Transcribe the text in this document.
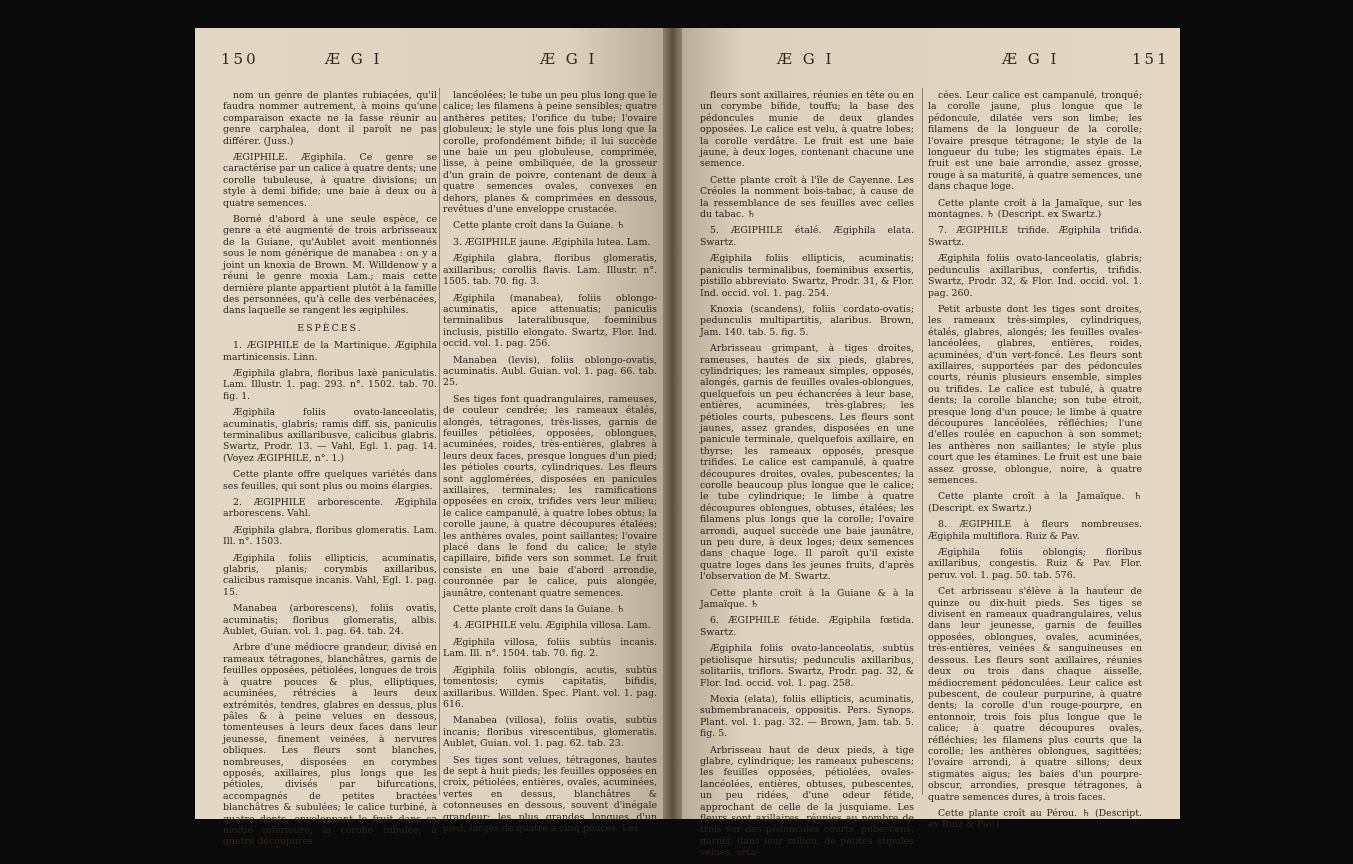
150	Æ G I	Æ G I

nom un genre de plantes rubiacées, qu'il faudra nommer autrement, à moins qu'une comparaison exacte ne la fasse réunir au genre carphalea, dont il paroît ne pas différer. (Juss.)

ÆGIPHILE. Ægiphila. Ce genre se caractérise par un calice à quatre dents; une corolle tubuleuse, à quatre divisions; un style à demi bifide; une baie à deux ou à quatre semences.

Borné d'abord à une seule espèce, ce genre a été augmenté de trois arbrisseaux de la Guiane, qu'Aublet avoit mentionnés sous le nom générique de manabea : on y a joint un knoxia de Brown. M. Willdenow y a réuni le genre moxia Lam.; mais cette dernière plante appartient plutôt à la famille des personnées, qu'à celle des verbénacées, dans laquelle se rangent les ægiphiles.

ESPÈCES.

1. ÆGIPHILE de la Martinique. Ægiphila martinicensis. Linn.

Ægiphila glabra, floribus laxè paniculatis. Lam. Illustr. 1. pag. 293. n°. 1502. tab. 70. fig. 1.

Ægiphila foliis ovato-lanceolatis, acuminatis, glabris; ramis diff. sis, paniculis terminalibus axillaribusve, calicibus glabris. Swartz, Prodr. 13. — Vahl, Egl. 1. pag. 14. (Voyez ÆGIPHILE, n°. 1.)

Cette plante offre quelques variétés dans ses feuilles, qui sont plus ou moins élargies.

2. ÆGIPHILE arborescente. Ægiphila arborescens. Vahl.

Ægiphila glabra, floribus glomeratis. Lam. Ill. n°. 1503.

Ægiphila foliis ellipticis, acuminatis, glabris, planis; corymbis axillaribus, calicibus ramisque incanis. Vahl, Egl. 1. pag. 15.

Manabea (arborescens), foliis ovatis, acuminatis; floribus glomeratis, albis. Aublet, Guian. vol. 1. pag. 64. tab. 24.

Arbre d'une médiocre grandeur, divisé en rameaux tétragones, blanchâtres, garnis de feuilles opposées, pétiolées, longues de trois à quatre pouces & plus, elliptiques, acuminées, rétrécies à leurs deux extrémités, tendres, glabres en dessus, plus pâles & à peine velues en dessous, tomenteuses à leurs deux faces dans leur jeunesse, finement veinées, à nervures obliques. Les fleurs sont blanches, nombreuses, disposées en corymbes opposés, axillaires, plus longs que les pétioles, divisés par bifurcations, accompagnés de petites bractées blanchâtres & subulées; le calice turbiné, à quatre dents, enveloppant le fruit dans sa moitié inférieure; la corolle tubulée, à quatre découpures

lancéolées; le tube un peu plus long que le calice; les filamens à peine sensibles; quatre anthères petites; l'orifice du tube; l'ovaire globuleux; le style une fois plus long que la corolle, profondément bifide; il lui succède une baie un peu globuleuse, comprimée, lisse, à peine ombiliquée, de la grosseur d'un grain de poivre, contenant de deux à quatre semences ovales, convexes en dehors, planes & comprimées en dessous, revêtues d'une enveloppe crustacée.

Cette plante croît dans la Guiane. ♄

3. ÆGIPHILE jaune. Ægiphila lutea. Lam.

Ægiphila glabra, floribus glomeratis, axillaribus; corollis flavis. Lam. Illustr. n°. 1505. tab. 70. fig. 3.

Ægiphila (manabea), foliis oblongo-acuminatis, apice attenuatis; paniculis terminalibus lateralibusque, foeminibus inclusis, pistillo elongato. Swartz, Flor. Ind. occid. vol. 1. pag. 256.

Manabea (levis), foliis oblongo-ovatis, acuminatis. Aubl. Guian. vol. 1. pag. 66. tab. 25.

Ses tiges font quadrangulaires, rameuses, de couleur cendrée; les rameaux étalés, alongés, tétragones, très-lisses, garnis de feuilles pétiolées, opposées, oblongues, acuminées, roides, très-entières, glabres à leurs deux faces, presque longues d'un pied; les pétioles courts, cylindriques. Les fleurs sont agglomérées, disposées en panicules axillaires, terminales; les ramifications opposées en croix, trifides vers leur milieu; le calice campanulé, à quatre lobes obtus; la corolle jaune, à quatre découpures étalées; les anthères ovales, point saillantes; l'ovaire placé dans le fond du calice; le style capillaire, bifide vers son sommet. Le fruit consiste en une baie d'abord arrondie, couronnée par le calice, puis alongée, jaunâtre, contenant quatre semences.

Cette plante croît dans la Guiane. ♄

4. ÆGIPHILE velu. Ægiphila villosa. Lam.

Ægiphila villosa, foliis subtùs incanis. Lam. Ill. n°. 1504. tab. 70. fig. 2.

Ægiphila foliis oblongis, acutis, subtùs tomentosis; cymis capitatis, bifidis, axillaribus. Willden. Spec. Plant. vol. 1. pag. 616.

Manabea (villosa), foliis ovatis, subtùs incanis; floribus virescentibus, glomeratis. Aublet, Guian. vol. 1. pag. 62. tab. 23.

Ses tiges sont velues, tétragones, hautes de sept à huit pieds; les feuilles opposées en croix, pétiolées, entières, ovales, acuminées, vertes en dessus, blanchâtres & cotonneuses en dessous, souvent d'inégale grandeur; les plus grandes longues d'un pied, larges de quatre à cinq pouces. Les

Æ G I	Æ G I	151

fleurs sont axillaires, réunies en tête ou en un corymbe bifide, touffu; la base des pédoncules munie de deux glandes opposées. Le calice est velu, à quatre lobes; la corolle verdâtre. Le fruit est une baie jaune, à deux loges, contenant chacune une semence.

Cette plante croît à l'île de Cayenne. Les Créoles la nomment bois-tabac, à cause de la ressemblance de ses feuilles avec celles du tabac. ♄

5. ÆGIPHILE étalé. Ægiphila elata. Swartz.

Ægiphila foliis ellipticis, acuminatis; paniculis terminalibus, foeminibus exsertis, pistillo abbreviato. Swartz, Prodr. 31, & Flor. Ind. occid. vol. 1. pag. 254.

Knoxia (scandens), foliis cordato-ovatis; pedunculis multipartitis, alaribus. Brown, Jam. 140. tab. 5. fig. 5.

Arbrisseau grimpant, à tiges droites, rameuses, hautes de six pieds, glabres, cylindriques; les rameaux simples, opposés, alongés, garnis de feuilles ovales-oblongues, quelquefois un peu échancrées à leur base, entières, acuminées, très-glabres; les pétioles courts, pubescens. Les fleurs sont jaunes, assez grandes, disposées en une panicule terminale, quelquefois axillaire, en thyrse; les rameaux opposés, presque trifides. Le calice est campanulé, à quatre découpures droites, ovales, pubescentes; la corolle beaucoup plus longue que le calice; le tube cylindrique; le limbe à quatre découpures oblongues, obtuses, étalées; les filamens plus longs que la corolle; l'ovaire arrondi, auquel succède une baie jaunâtre, un peu dure, à deux loges; deux semences dans chaque loge. Il paroît qu'il existe quatre loges dans les jeunes fruits, d'après l'observation de M. Swartz.

Cette plante croît à la Guiane & à la Jamaïque. ♄

6. ÆGIPHILE fétide. Ægiphila fœtida. Swartz.

Ægiphila foliis ovato-lanceolatis, subtùs petiolisque hirsutis; pedunculis axillaribus, solitariis, triflors. Swartz, Prodr. pag. 32, & Flor. Ind. occid. vol. 1. pag. 258.

Moxia (elata), foliis ellipticis, acuminatis, submembranaceis, oppositis. Pers. Synops. Plant. vol. 1. pag. 32. — Brown, Jam. tab. 5. fig. 5.

Arbrisseau haut de deux pieds, à tige glabre, cylindrique; les rameaux pubescens; les feuilles opposées, pétiolées, ovales-lancéolées, entières, obtuses, pubescentes, un peu ridées, d'une odeur fétide, approchant de celle de la jusquiame. Les fleurs sont axillaires, réunies au nombre de trois sur des pédoncules courts, pubescens, garnis, dans leur milieu, de petites stipules velues, séta-

cées. Leur calice est campanulé, tronqué; la corolle jaune, plus longue que le pédoncule, dilatée vers son limbe; les filamens de la longueur de la corolle; l'ovaire presque tétragone; le style de la longueur du tube; les stigmates épais. Le fruit est une baie arrondie, assez grosse, rouge à sa maturité, à quatre semences, une dans chaque loge.

Cette plante croît à la Jamaïque, sur les montagnes. ♄ (Descript. ex Swartz.)

7. ÆGIPHILE trifide. Ægiphila trifida. Swartz.

Ægiphila foliis ovato-lanceolatis, glabris; pedunculis axillaribus, confertis, trifidis. Swartz, Prodr. 32, & Flor. Ind. occid. vol. 1. pag. 260.

Petit arbuste dont les tiges sont droites, les rameaux très-simples, cylindriques, étalés, glabres, alongés; les feuilles ovales-lancéolées, glabres, entières, roides, acuminées, d'un vert-foncé. Les fleurs sont axillaires, supportées par des pédoncules courts, réunis plusieurs ensemble, simples ou trifides. Le calice est tubulé, à quatre dents; la corolle blanche; son tube étroit, presque long d'un pouce; le limbe à quatre découpures lancéolées, réfléchies; l'une d'elles roulée en capuchon à son sommet; les anthères non saillantes; le style plus court que les étamines. Le fruit est une baie assez grosse, oblongue, noire, à quatre semences.

Cette plante croît à la Jamaïque. ♄ (Descript. ex Swartz.)

8. ÆGIPHILE à fleurs nombreuses. Ægiphila multiflora. Ruiz & Pav.

Ægiphila foliis oblongis; floribus axillaribus, congestis. Ruiz & Pav. Flor. peruv. vol. 1. pag. 50. tab. 576.

Cet arbrisseau s'élève à la hauteur de quinze ou dix-huit pieds. Ses tiges se divisent en rameaux quadrangulaires, velus dans leur jeunesse, garnis de feuilles opposées, oblongues, ovales, acuminées, très-entières, veinées & sanguineuses en dessous. Les fleurs sont axillaires, réunies deux ou trois dans chaque aisselle, médiocrement pédonculées. Leur calice est pubescent, de couleur purpurine, à quatre dents; la corolle d'un rouge-pourpre, en entonnoir, trois fois plus longue que le calice; à quatre découpures ovales, réfléchies; les filamens plus courts que la corolle; les anthères oblongues, sagittées; l'ovaire arrondi, à quatre sillons; deux stigmates aigus; les baies d'un pourpre-obscur, arrondies, presque tétragones, à quatre semences dures, à trois faces.

Cette plante croît au Pérou. ♄ (Descript. ex Ruiz & Pav.)
